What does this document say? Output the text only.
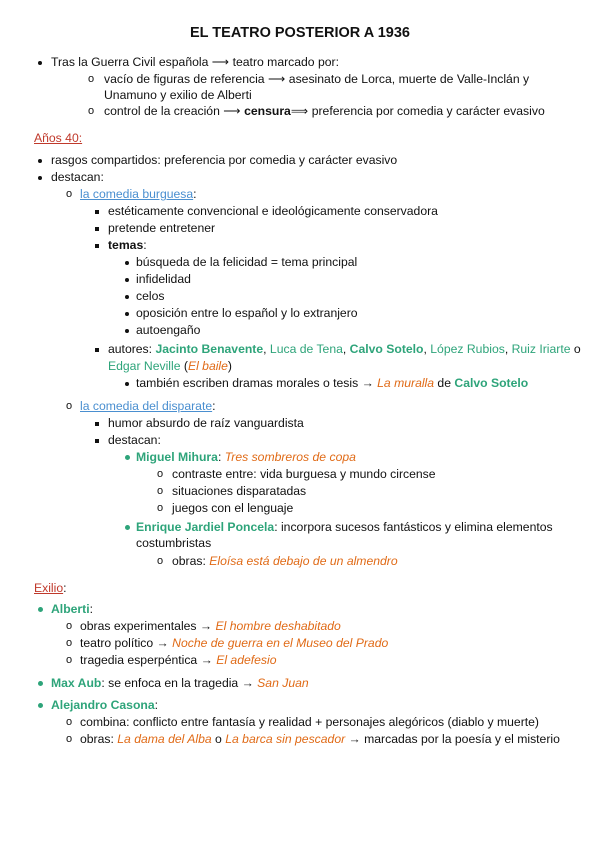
EL TEATRO POSTERIOR A 1936
Tras la Guerra Civil española ⟶ teatro marcado por:
o vacío de figuras de referencia ⟶ asesinato de Lorca, muerte de Valle-Inclán y
Unamuno y exilio de Alberti
o control de la creación ⟶ censura⟹ preferencia por comedia y carácter evasivo
Años 40:
rasgos compartidos: preferencia por comedia y carácter evasivo
destacan:
o la comedia burguesa:
estéticamente convencional e ideológicamente conservadora
pretende entretener
temas:
búsqueda de la felicidad = tema principal
infidelidad
celos
oposición entre lo español y lo extranjero
autoengaño
autores: Jacinto Benavente, Luca de Tena, Calvo Sotelo, López Rubios, Ruiz Iriarte o
Edgar Neville (El baile)
también escriben dramas morales o tesis → La muralla de Calvo Sotelo
o la comedia del disparate:
humor absurdo de raíz vanguardista
destacan:
Miguel Mihura: Tres sombreros de copa
o contraste entre: vida burguesa y mundo circense
o situaciones disparatadas
o juegos con el lenguaje
Enrique Jardiel Poncela: incorpora sucesos fantásticos y elimina elementos
costumbristas
o obras: Eloísa está debajo de un almendro
Exilio:
Alberti:
o obras experimentales → El hombre deshabitado
o teatro político → Noche de guerra en el Museo del Prado
o tragedia esperpéntica → El adefesio
Max Aub: se enfoca en la tragedia → San Juan
Alejandro Casona:
o combina: conflicto entre fantasía y realidad + personajes alegóricos (diablo y muerte)
o obras: La dama del Alba o La barca sin pescador → marcadas por la poesía y el misterio
